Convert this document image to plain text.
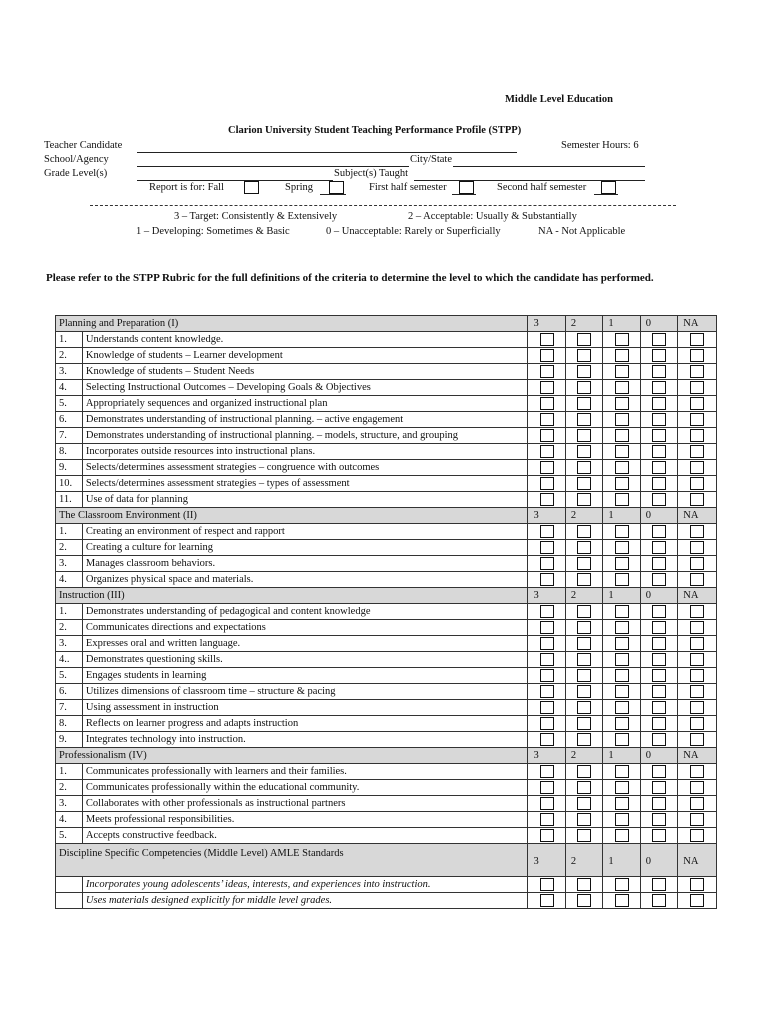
Middle Level Education
Clarion University Student Teaching Performance Profile (STPP)
Teacher Candidate	Semester Hours: 6
School/Agency	City/State
Grade Level(s)	Subject(s) Taught
Report is for: Fall	Spring	First half semester	Second half semester
3 – Target: Consistently & Extensively	2 – Acceptable: Usually & Substantially
1 – Developing: Sometimes & Basic	0 – Unacceptable: Rarely or Superficially	NA - Not Applicable
Please refer to the STPP Rubric for the full definitions of the criteria to determine the level to which the candidate has performed.
Planning and Preparation (I)		3	2	1	0	NA
1.	Understands content knowledge.					
2.	Knowledge of students – Learner development					
3.	Knowledge of students – Student Needs					
4.	Selecting Instructional Outcomes – Developing Goals & Objectives					
5.	Appropriately sequences and organized instructional plan					
6.	Demonstrates understanding of instructional planning. – active engagement					
7.	Demonstrates understanding of instructional planning. – models, structure, and grouping					
8.	Incorporates outside resources into instructional plans.					
9.	Selects/determines assessment strategies – congruence with outcomes					
10.	Selects/determines assessment strategies – types of assessment					
11.	Use of data for planning					
The Classroom Environment (II)		3	2	1	0	NA
1.	Creating an environment of respect and rapport					
2.	Creating a culture for learning					
3.	Manages classroom behaviors.					
4.	Organizes physical space and materials.					
Instruction (III)		3	2	1	0	NA
1.	Demonstrates understanding of pedagogical and content knowledge					
2.	Communicates directions and expectations					
3.	Expresses oral and written language.					
4..	Demonstrates questioning skills.					
5.	Engages students in learning					
6.	Utilizes dimensions of classroom time – structure & pacing					
7.	Using assessment in instruction					
8.	Reflects on learner progress and adapts instruction					
9.	Integrates technology into instruction.					
Professionalism (IV)		3	2	1	0	NA
1.	Communicates professionally with learners and their families.					
2.	Communicates professionally within the educational community.					
3.	Collaborates with other professionals as instructional partners					
4.	Meets professional responsibilities.					
5.	Accepts constructive feedback.					
Discipline Specific Competencies (Middle Level) AMLE Standards		3	2	1	0	NA
	Incorporates young adolescents’ ideas, interests, and experiences into instruction.					
	Uses materials designed explicitly for middle level grades.					
